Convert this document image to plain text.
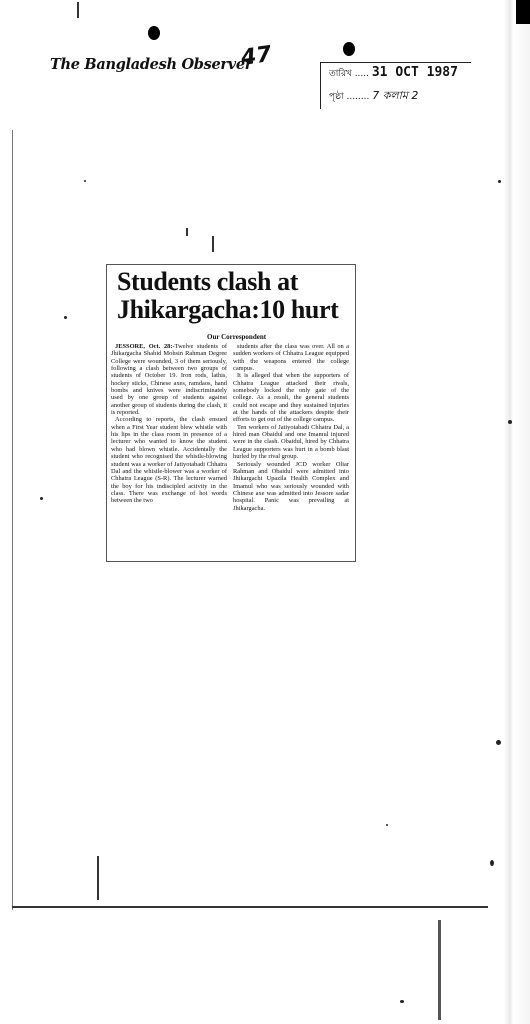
The Bangladesh Observer
47
তারিখ ..... 31 OCT 1987
পৃষ্ঠা ........ 7 কলাম 2
Students clash at Jhikargacha:10 hurt
Our Correspondent

JESSORE, Oct. 28:-Twelve students of Jhikargacha Shahid Mohsin Rahman Degree College were wounded, 3 of them seriously, following a clash between two groups of students of October 19. Iron rods, lathis, hockey sticks, Chinese axes, ramdaos, hand bombs and knives were indiscriminately used by one group of students against another group of students during the clash, it is reported.

According to reports, the clash ensued when a First Year student blew whistle with his lips in the class room in presence of a lecturer who wanted to know the student who had blown whistle. Accidentally the student who recognised the whistle-blowing student was a worker of Jatiyotabadi Chhatra Dal and the whistle-blower was a worker of Chhatra League (S-R). The lecturer warned the boy for his indiscipled activity in the class. There was exchange of hot words between the two

students after the class was over. All on a sudden workers of Chhatra League equipped with the weapons entered the college campus.

It is alleged that when the supporters of Chhatra League attacked their rivals, somebody locked the only gate of the college. As a result, the general students could not escape and they sustained injuries at the hands of the attackers despite their efforts to get out of the college campus.

Ten workers of Jatiyotabadi Chhatra Dal, a hired man Obaidul and one Imamul injured were in the clash. Obaidul, hired by Chhatra League supporters was hurt in a bomb blast hurled by the rival group.

Seriously wounded JCD worker Oliar Rahman and Obaidul were admitted into Jhikargachi Upazila Health Complex and Imamul who was seriously wounded with Chinese axe was admitted into Jessore sadar hospital. Panic was prevailing at Jhikargacha.
